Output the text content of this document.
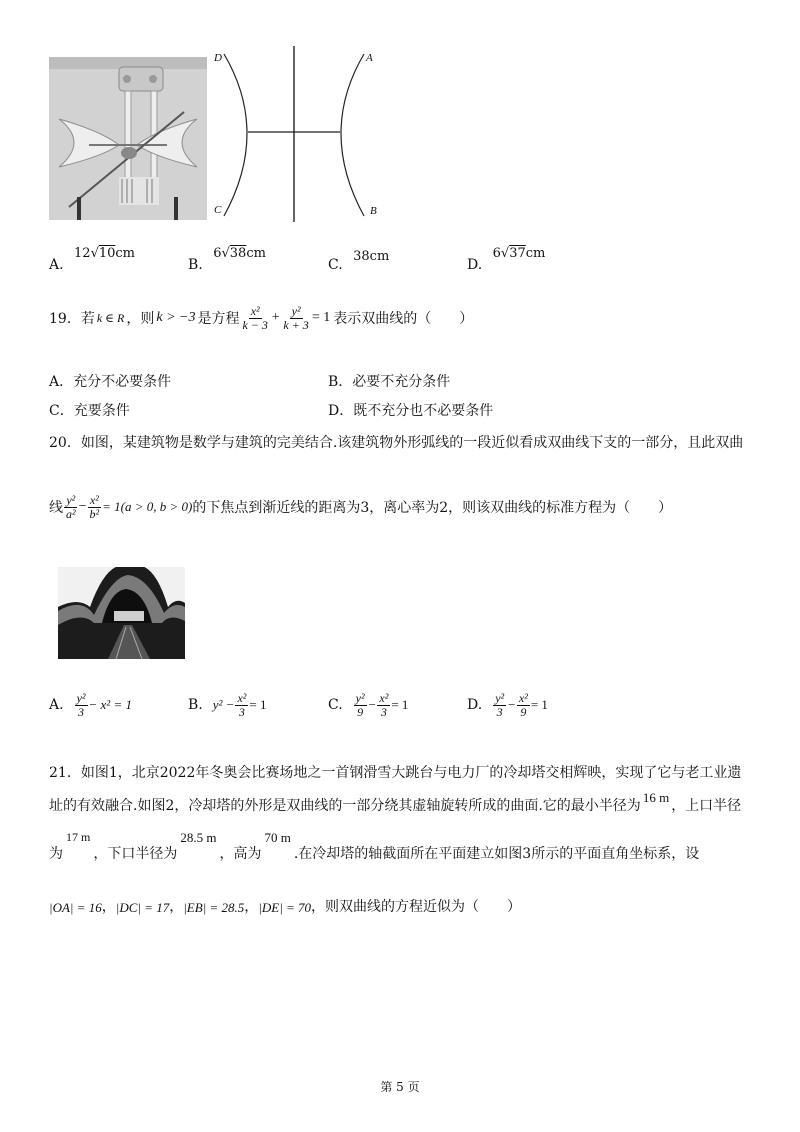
D	A
C	B
A. 12√10cm
B. 6√38cm
C. 38cm
D. 6√37cm
19． 若 k ∈ R ，则 k > −3 是方程 $\frac{\text{x²}}{k - 3} + \frac{\text{y²}}{k + 3} = 1$ 表示双曲线的（　　）
A．充分不必要条件	B．必要不充分条件
C．充要条件	D．既不充分也不必要条件
20．如图，某建筑物是数学与建筑的完美结合.该建筑物外形弧线的一段近似看成双曲线下支的一部分，且此双曲
线 $\frac{\text{y²}}{\text{a²}} - \frac{\text{x²}}{\text{b²}} = 1(a > 0$, b > 0) 的下焦点到渐近线的距离为3，离心率为2，则该双曲线的标准方程为（　　）
A. $\frac{\text{y²}}{3} - x^2 = 1$	B. $y^2 - \frac{\text{x²}}{3} = 1$	C. $\frac{\text{y²}}{9} - \frac{\text{x²}}{3} = 1$	D. $\frac{\text{y²}}{3} - \frac{\text{x²}}{9} = 1$
21．如图1，北京2022年冬奥会比赛场地之一首钢滑雪大跳台与电力厂的冷却塔交相辉映，实现了它与老工业遗
址的有效融合.如图2，冷却塔的外形是双曲线的一部分绕其虚轴旋转所成的曲面.它的最小半径为
16 m
，上口半径
为
17 m
，下口半径为
28.5 m
，高为
70 m
.在冷却塔的轴截面所在平面建立如图3所示的平面直角坐标系，设
|OA| = 16 ， |DC| = 17 ， |EB| = 28.5 ， |DE| = 70 ，则双曲线的方程近似为（　　）
第 5 页
